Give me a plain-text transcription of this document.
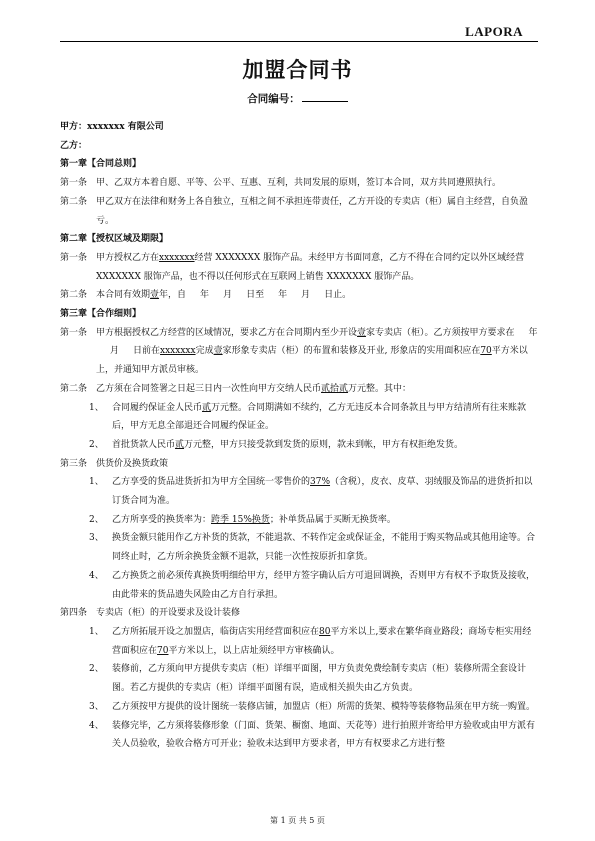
LAPORA
加盟合同书
合同编号：
甲方：xxxxxxx 有限公司
乙方：
第一章【合同总则】
第一条 甲、乙双方本着自愿、平等、公平、互惠、互利，共同发展的原则，签订本合同，双方共同遵照执行。
第二条 甲乙双方在法律和财务上各自独立，互相之间不承担连带责任，乙方开设的专卖店（柜）属自主经营，自负盈亏。
第二章【授权区域及期限】
第一条 甲方授权乙方在xxxxxxx经营 XXXXXXX 服饰产品。未经甲方书面同意，乙方不得在合同约定以外区域经营 XXXXXXX 服饰产品，也不得以任何形式在互联网上销售 XXXXXXX 服饰产品。
第二条 本合同有效期壹年，自 年 月 日至 年 月 日止。
第三章【合作细则】
第一条 甲方根据授权乙方经营的区域情况，要求乙方在合同期内至少开设壹家专卖店（柜）。乙方须按甲方要求在 年月 日前在xxxxxxx完成壹家形象专卖店（柜）的布置和装修及开业, 形象店的实用面积应在70平方米以上，并通知甲方派员审核。
第二条 乙方须在合同签署之日起三日内一次性向甲方交纳人民币贰拾贰万元整。其中：
1、 合同履约保证金人民币贰万元整。合同期满如不续约，乙方无违反本合同条款且与甲方结清所有往来账款后，甲方无息全部退还合同履约保证金。
2、 首批货款人民币贰万元整，甲方只接受款到发货的原则，款未到帐，甲方有权拒绝发货。
第三条 供货价及换货政策
1、 乙方享受的货品进货折扣为甲方全国统一零售价的37%（含税），皮衣、皮草、羽绒服及饰品的进货折扣以订货合同为准。
2、 乙方所享受的换货率为：跨季 15%换货；补单货品属于买断无换货率。
3、 换货金额只能用作乙方补货的货款，不能退款、不转作定金或保证金，不能用于购买物品或其他用途等。合同终止时，乙方所余换货金额不退款，只能一次性按原折扣拿货。
4、 乙方换货之前必须传真换货明细给甲方，经甲方签字确认后方可退回调换，否则甲方有权不予取货及接收，由此带来的货品遗失风险由乙方自行承担。
第四条 专卖店（柜）的开设要求及设计装修
1、 乙方所拓展开设之加盟店，临街店实用经营面积应在80平方米以上,要求在繁华商业路段；商场专柜实用经营面积应在70平方米以上，以上店址须经甲方审核确认。
2、 装修前，乙方须向甲方提供专卖店（柜）详细平面图，甲方负责免费绘制专卖店（柜）装修所需全套设计图。若乙方提供的专卖店（柜）详细平面图有误，造成相关损失由乙方负责。
3、 乙方须按甲方提供的设计图统一装修店铺，加盟店（柜）所需的货架、模特等装修物品须在甲方统一购置。
4、 装修完毕，乙方须将装修形象（门面、货架、橱窗、地面、天花等）进行拍照并寄给甲方验收或由甲方派有关人员验收，验收合格方可开业；验收未达到甲方要求者，甲方有权要求乙方进行整
第 1 页 共 5 页
